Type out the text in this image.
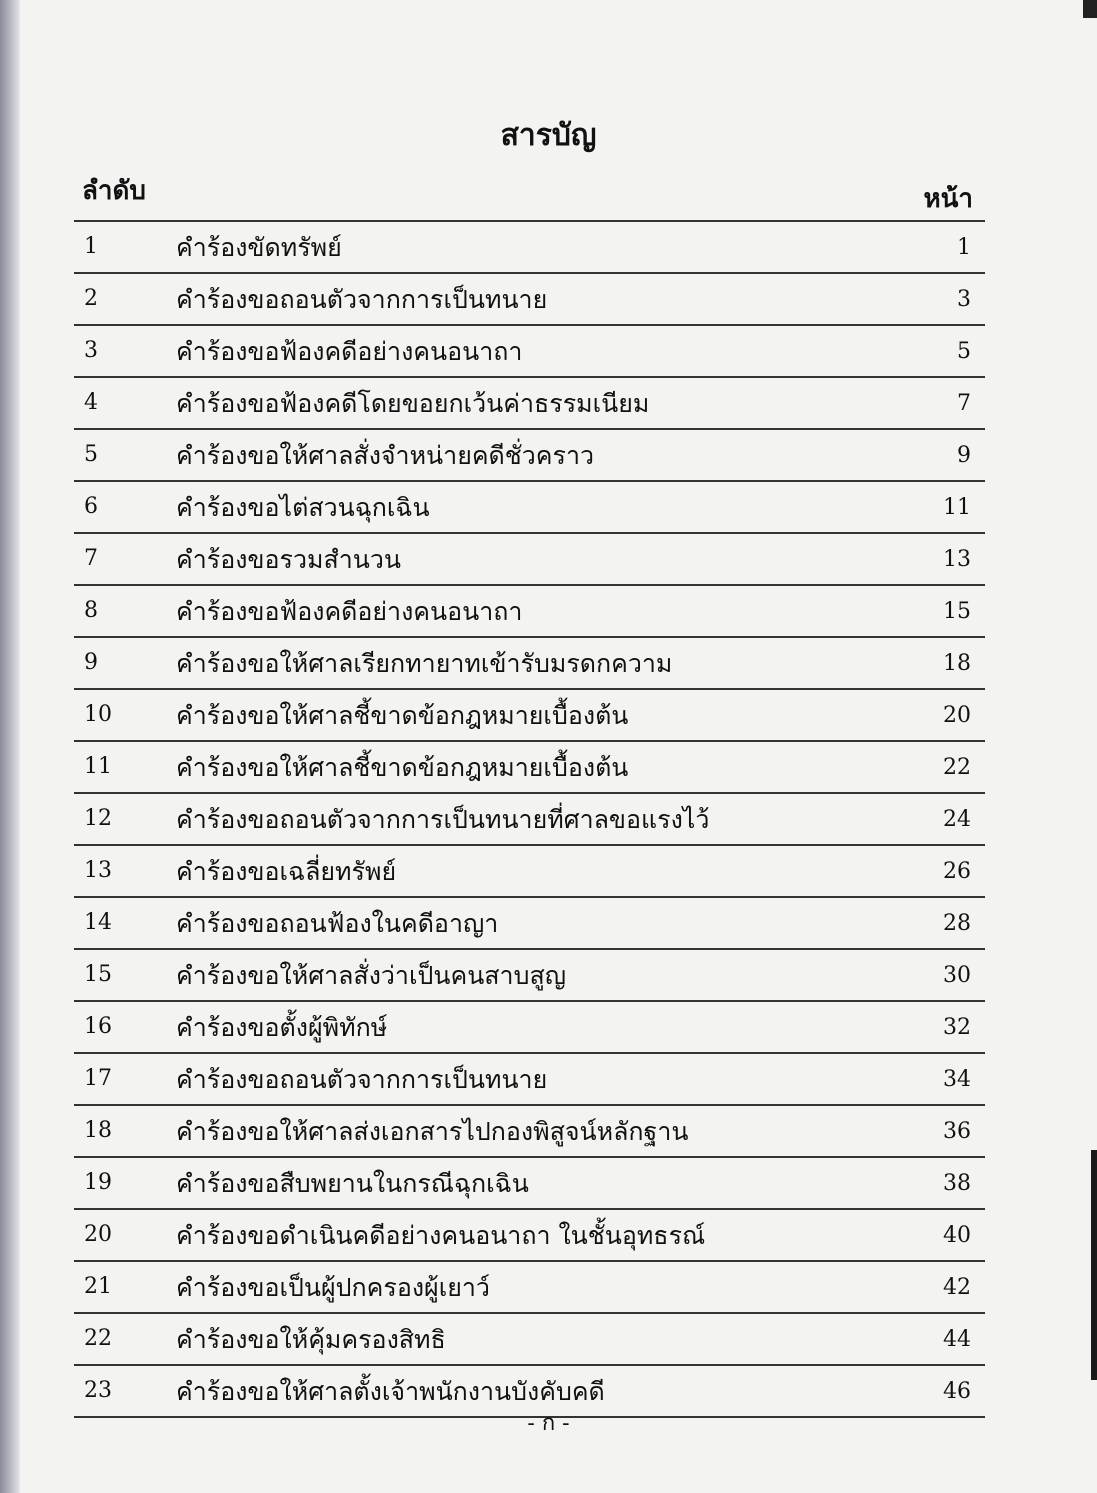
สารบัญ
ลำดับ	หน้า
1	คำร้องขัดทรัพย์	1
2	คำร้องขอถอนตัวจากการเป็นทนาย	3
3	คำร้องขอฟ้องคดีอย่างคนอนาถา	5
4	คำร้องขอฟ้องคดีโดยขอยกเว้นค่าธรรมเนียม	7
5	คำร้องขอให้ศาลสั่งจำหน่ายคดีชั่วคราว	9
6	คำร้องขอไต่สวนฉุกเฉิน	11
7	คำร้องขอรวมสำนวน	13
8	คำร้องขอฟ้องคดีอย่างคนอนาถา	15
9	คำร้องขอให้ศาลเรียกทายาทเข้ารับมรดกความ	18
10	คำร้องขอให้ศาลชี้ขาดข้อกฎหมายเบื้องต้น	20
11	คำร้องขอให้ศาลชี้ขาดข้อกฎหมายเบื้องต้น	22
12	คำร้องขอถอนตัวจากการเป็นทนายที่ศาลขอแรงไว้	24
13	คำร้องขอเฉลี่ยทรัพย์	26
14	คำร้องขอถอนฟ้องในคดีอาญา	28
15	คำร้องขอให้ศาลสั่งว่าเป็นคนสาบสูญ	30
16	คำร้องขอตั้งผู้พิทักษ์	32
17	คำร้องขอถอนตัวจากการเป็นทนาย	34
18	คำร้องขอให้ศาลส่งเอกสารไปกองพิสูจน์หลักฐาน	36
19	คำร้องขอสืบพยานในกรณีฉุกเฉิน	38
20	คำร้องขอดำเนินคดีอย่างคนอนาถา ในชั้นอุทธรณ์	40
21	คำร้องขอเป็นผู้ปกครองผู้เยาว์	42
22	คำร้องขอให้คุ้มครองสิทธิ	44
23	คำร้องขอให้ศาลตั้งเจ้าพนักงานบังคับคดี	46
- ก -
